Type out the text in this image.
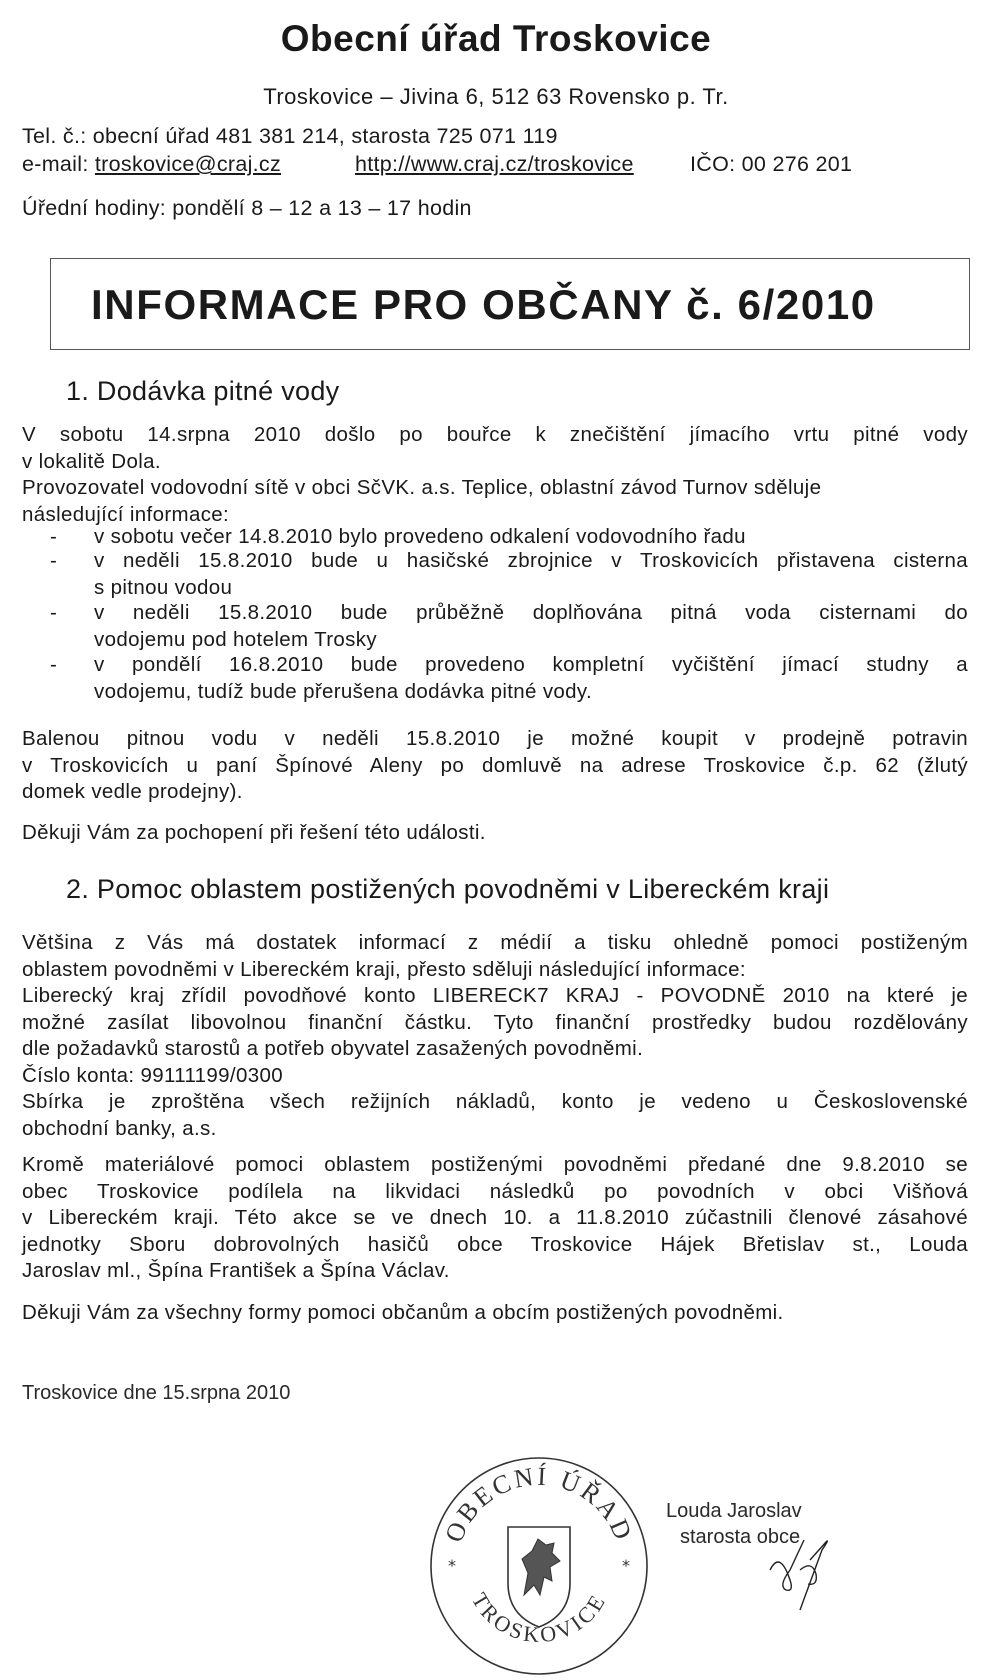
Obecní úřad Troskovice
Troskovice – Jivina 6, 512 63 Rovensko p. Tr.
Tel. č.: obecní úřad 481 381 214, starosta 725 071 119
e-mail: troskovice@craj.cz	http://www.craj.cz/troskovice	IČO: 00 276 201
Úřední hodiny: pondělí 8 – 12 a 13 – 17 hodin
INFORMACE PRO OBČANY č. 6/2010
1. Dodávka pitné vody
V sobotu 14.srpna 2010 došlo po bouřce k znečištění jímacího vrtu pitné vody
v lokalitě Dola.
Provozovatel vodovodní sítě v obci SčVK. a.s. Teplice, oblastní závod Turnov sděluje
následující informace:
- v sobotu večer 14.8.2010 bylo provedeno odkalení vodovodního řadu
- v neděli 15.8.2010 bude u hasičské zbrojnice v Troskovicích přistavena cisterna
s pitnou vodou
- v neděli 15.8.2010 bude průběžně doplňována pitná voda cisternami do
vodojemu pod hotelem Trosky
- v pondělí 16.8.2010 bude provedeno kompletní vyčištění jímací studny a
vodojemu, tudíž bude přerušena dodávka pitné vody.
Balenou pitnou vodu v neděli 15.8.2010 je možné koupit v prodejně potravin
v Troskovicích u paní Špínové Aleny po domluvě na adrese Troskovice č.p. 62 (žlutý
domek vedle prodejny).
Děkuji Vám za pochopení při řešení této události.
2. Pomoc oblastem postižených povodněmi v Libereckém kraji
Většina z Vás má dostatek informací z médií a tisku ohledně pomoci postiženým
oblastem povodněmi v Libereckém kraji, přesto sděluji následující informace:
Liberecký kraj zřídil povodňové konto LIBERECK7 KRAJ - POVODNĚ 2010 na které je
možné zasílat libovolnou finanční částku. Tyto finanční prostředky budou rozdělovány
dle požadavků starostů a potřeb obyvatel zasažených povodněmi.
Číslo konta: 99111199/0300
Sbírka je zproštěna všech režijních nákladů, konto je vedeno u Československé
obchodní banky, a.s.
Kromě materiálové pomoci oblastem postiženými povodněmi předané dne 9.8.2010 se
obec Troskovice podílela na likvidaci následků po povodních v obci Višňová
v Libereckém kraji. Této akce se ve dnech 10. a 11.8.2010 zúčastnili členové zásahové
jednotky Sboru dobrovolných hasičů obce Troskovice Hájek Břetislav st., Louda
Jaroslav ml., Špína František a Špína Václav.
Děkuji Vám za všechny formy pomoci občanům a obcím postižených povodněmi.
Troskovice dne 15.srpna 2010
OBECNÍ ÚŘAD
TROSKOVICE
*	*
Louda Jaroslav
starosta obce
